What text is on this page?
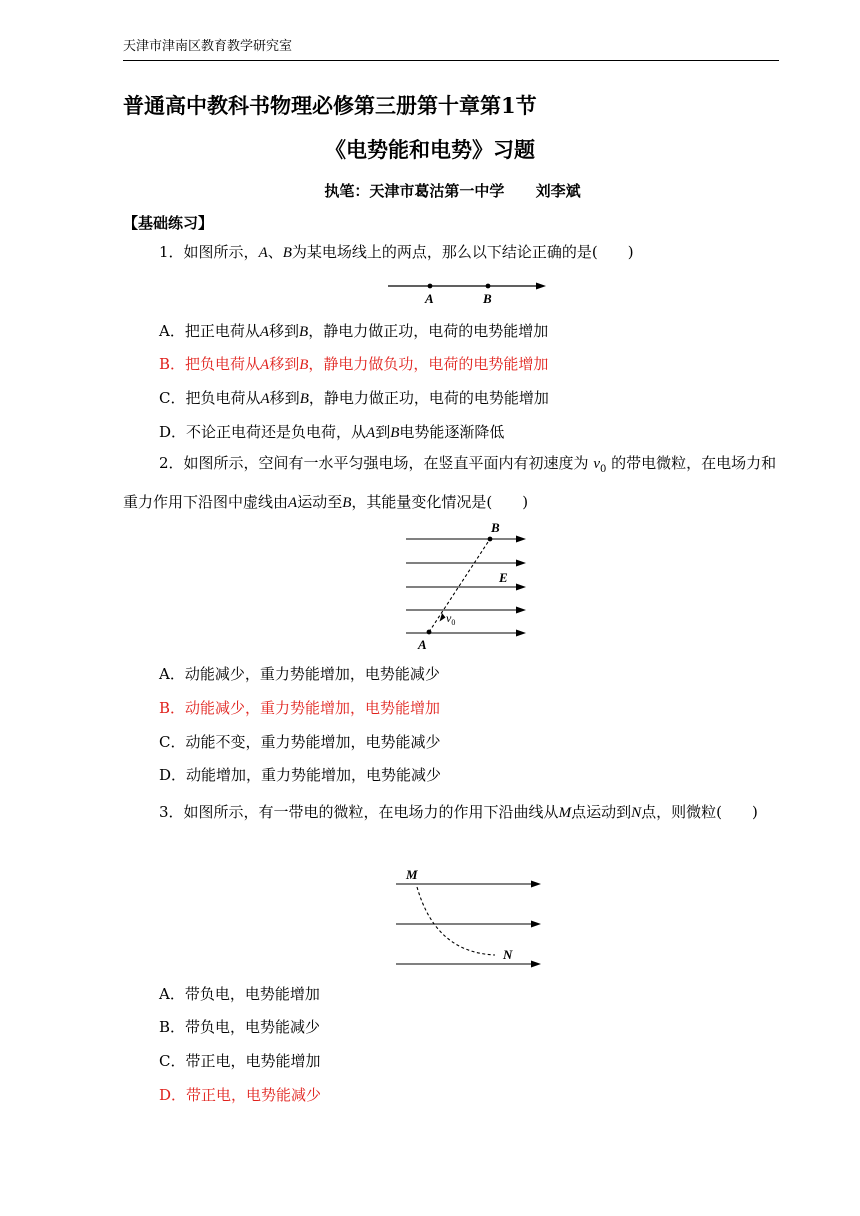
天津市津南区教育教学研究室
普通高中教科书物理必修第三册第十章第1节
《电势能和电势》习题
执笔：天津市葛沽第一中学      刘李斌
【基础练习】
1．如图所示，A、B为某电场线上的两点，那么以下结论正确的是(　　)
A	B
A．把正电荷从A移到B，静电力做正功，电荷的电势能增加
B．把负电荷从A移到B，静电力做负功，电荷的电势能增加
C．把负电荷从A移到B，静电力做正功，电荷的电势能增加
D．不论正电荷还是负电荷，从A到B电势能逐渐降低
2．如图所示，空间有一水平匀强电场，在竖直平面内有初速度为 $v_0$ 的带电微粒，在电场力和重力作用下沿图中虚线由A运动至B，其能量变化情况是(　　)
B
E
$v_0$
A
A．动能减少，重力势能增加，电势能减少
B．动能减少，重力势能增加，电势能增加
C．动能不变，重力势能增加，电势能减少
D．动能增加，重力势能增加，电势能减少
3．如图所示，有一带电的微粒，在电场力的作用下沿曲线从M点运动到N点，则微粒(　　)
M
N
A．带负电，电势能增加
B．带负电，电势能减少
C．带正电，电势能增加
D．带正电，电势能减少
